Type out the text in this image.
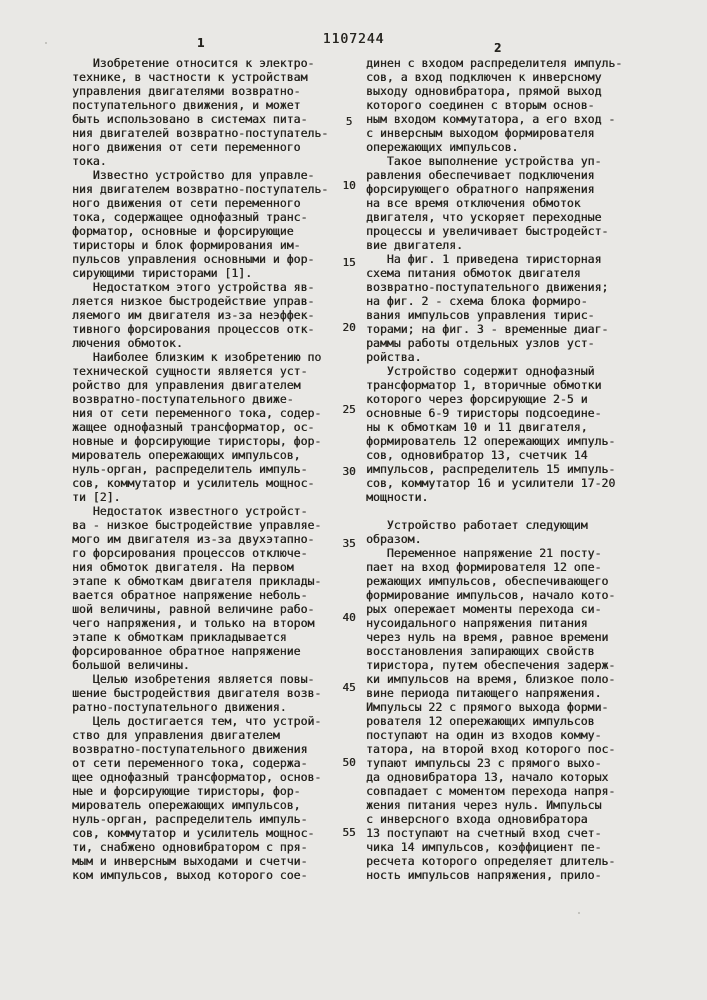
1107244
1	2
Изобретение относится к электро-
технике, в частности к устройствам
управления двигателями возвратно-
поступательного движения, и может
быть использовано в системах пита-
ния двигателей возвратно-поступатель-
ного движения от сети переменного
тока.
Известно устройство для управле-
ния двигателем возвратно-поступатель-
ного движения от сети переменного
тока, содержащее однофазный транс-
форматор, основные и форсирующие
тиристоры и блок формирования им-
пульсов управления основными и фор-
сирующими тиристорами [1].
Недостатком этого устройства яв-
ляется низкое быстродействие управ-
ляемого им двигателя из-за неэффек-
тивного форсирования процессов отк-
лючения обмоток.
Наиболее близким к изобретению по
технической сущности является уст-
ройство для управления двигателем
возвратно-поступательного движе-
ния от сети переменного тока, содер-
жащее однофазный трансформатор, ос-
новные и форсирующие тиристоры, фор-
мирователь опережающих импульсов,
нуль-орган, распределитель импуль-
сов, коммутатор и усилитель мощнос-
ти [2].
Недостаток известного устройст-
ва - низкое быстродействие управляе-
мого им двигателя из-за двухэтапно-
го форсирования процессов отключе-
ния обмоток двигателя. На первом
этапе к обмоткам двигателя приклады-
вается обратное напряжение неболь-
шой величины, равной величине рабо-
чего напряжения, и только на втором
этапе к обмоткам прикладывается
форсированное обратное напряжение
большой величины.
Целью изобретения является повы-
шение быстродействия двигателя возв-
ратно-поступательного движения.
Цель достигается тем, что устрой-
ство для управления двигателем
возвратно-поступательного движения
от сети переменного тока, содержа-
щее однофазный трансформатор, основ-
ные и форсирующие тиристоры, фор-
мирователь опережающих импульсов,
нуль-орган, распределитель импуль-
сов, коммутатор и усилитель мощнос-
ти, снабжено одновибратором с пря-
мым и инверсным выходами и счетчи-
ком импульсов, выход которого сое-
5
10
15
20
25
30
35
40
45
50
55
динен с входом распределителя импуль-
сов, а вход подключен к инверсному
выходу одновибратора, прямой выход
которого соединен с вторым основ-
ным входом коммутатора, а его вход -
с инверсным выходом формирователя
опережающих импульсов.
Такое выполнение устройства уп-
равления обеспечивает подключения
форсирующего обратного напряжения
на все время отключения обмоток
двигателя, что ускоряет переходные
процессы и увеличивает быстродейст-
вие двигателя.
На фиг. 1 приведена тиристорная
схема питания обмоток двигателя
возвратно-поступательного движения;
на фиг. 2 - схема блока формиро-
вания импульсов управления тирис-
торами; на фиг. 3 - временные диаг-
раммы работы отдельных узлов уст-
ройства.
Устройство содержит однофазный
трансформатор 1, вторичные обмотки
которого через форсирующие 2-5 и
основные 6-9 тиристоры подсоедине-
ны к обмоткам 10 и 11 двигателя,
формирователь 12 опережающих импуль-
сов, одновибратор 13, счетчик 14
импульсов, распределитель 15 импуль-
сов, коммутатор 16 и усилители 17-20
мощности.
Устройство работает следующим
образом.
Переменное напряжение 21 посту-
пает на вход формирователя 12 опе-
режающих импульсов, обеспечивающего
формирование импульсов, начало кото-
рых опережает моменты перехода си-
нусоидального напряжения питания
через нуль на время, равное времени
восстановления запирающих свойств
тиристора, путем обеспечения задерж-
ки импульсов на время, близкое поло-
вине периода питающего напряжения.
Импульсы 22 с прямого выхода форми-
рователя 12 опережающих импульсов
поступают на один из входов комму-
татора, на второй вход которого пос-
тупают импульсы 23 с прямого выхо-
да одновибратора 13, начало которых
совпадает с моментом перехода напря-
жения питания через нуль. Импульсы
с инверсного входа одновибратора
13 поступают на счетный вход счет-
чика 14 импульсов, коэффициент пе-
ресчета которого определяет длитель-
ность импульсов напряжения, прило-
